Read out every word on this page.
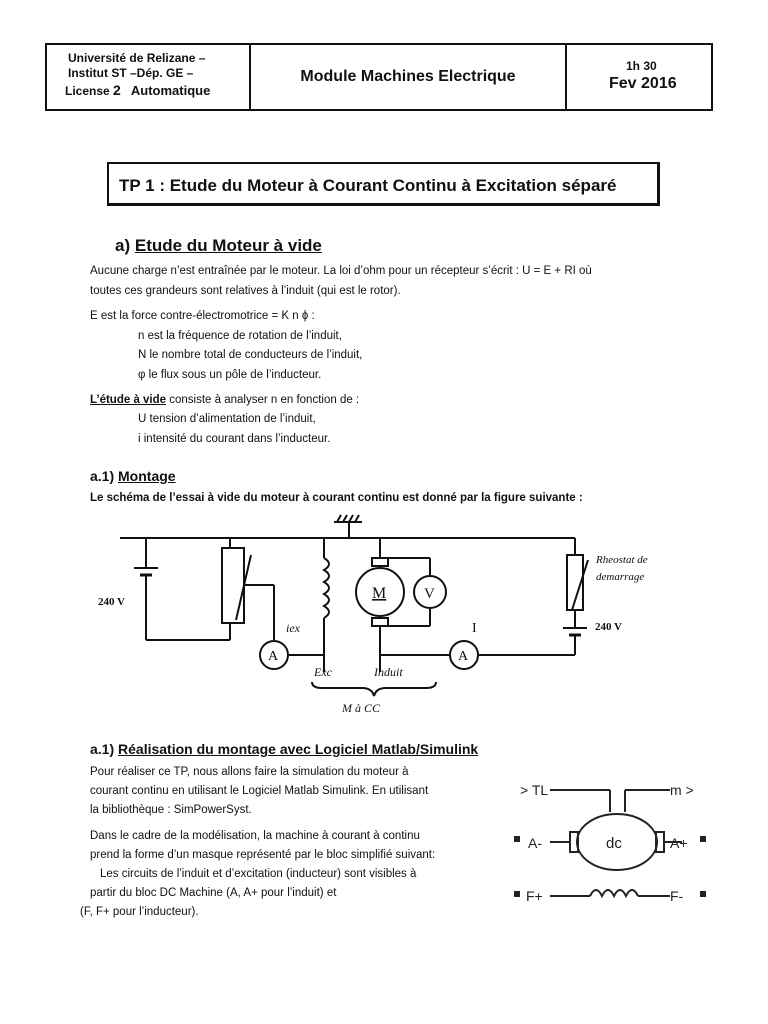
Université de Relizane –
Institut ST –Dép. GE –
License 2 Automatique
Module Machines Electrique
1h 30
Fev 2016
TP 1 : Etude du Moteur à Courant Continu à Excitation séparé
a) Etude du Moteur à vide
Aucune charge n’est entraînée par le moteur. La loi d’ohm pour un récepteur s’écrit : U = E + RI où
toutes ces grandeurs sont relatives à l’induit (qui est le rotor).
E est la force contre-électromotrice = K n ϕ :
n est la fréquence de rotation de l’induit,
N le nombre total de conducteurs de l’induit,
φ le flux sous un pôle de l’inducteur.
L’étude à vide consiste à analyser n en fonction de :
U tension d’alimentation de l’induit,
i intensité du courant dans l’inducteur.
a.1) Montage
Le schéma de l’essai à vide du moteur à courant continu est donné par la figure suivante :
240 V
240 V
Rheostat de
demarrage
iex	I
A	A
M	V
Exc	Induit
M à CC
a.1) Réalisation du montage avec Logiciel Matlab/Simulink
Pour réaliser ce TP, nous allons faire la simulation du moteur à
courant continu en utilisant le Logiciel Matlab Simulink. En utilisant
la bibliothèque : SimPowerSyst.
Dans le cadre de la modélisation, la machine à courant à continu
prend la forme d’un masque représenté par le bloc simplifié suivant:
Les circuits de l’induit et d’excitation (inducteur) sont visibles à
partir du bloc DC Machine (A, A+ pour l’induit) et
(F, F+ pour l’inducteur).
> TL	m >
A-	A+
dc
F+	F-
